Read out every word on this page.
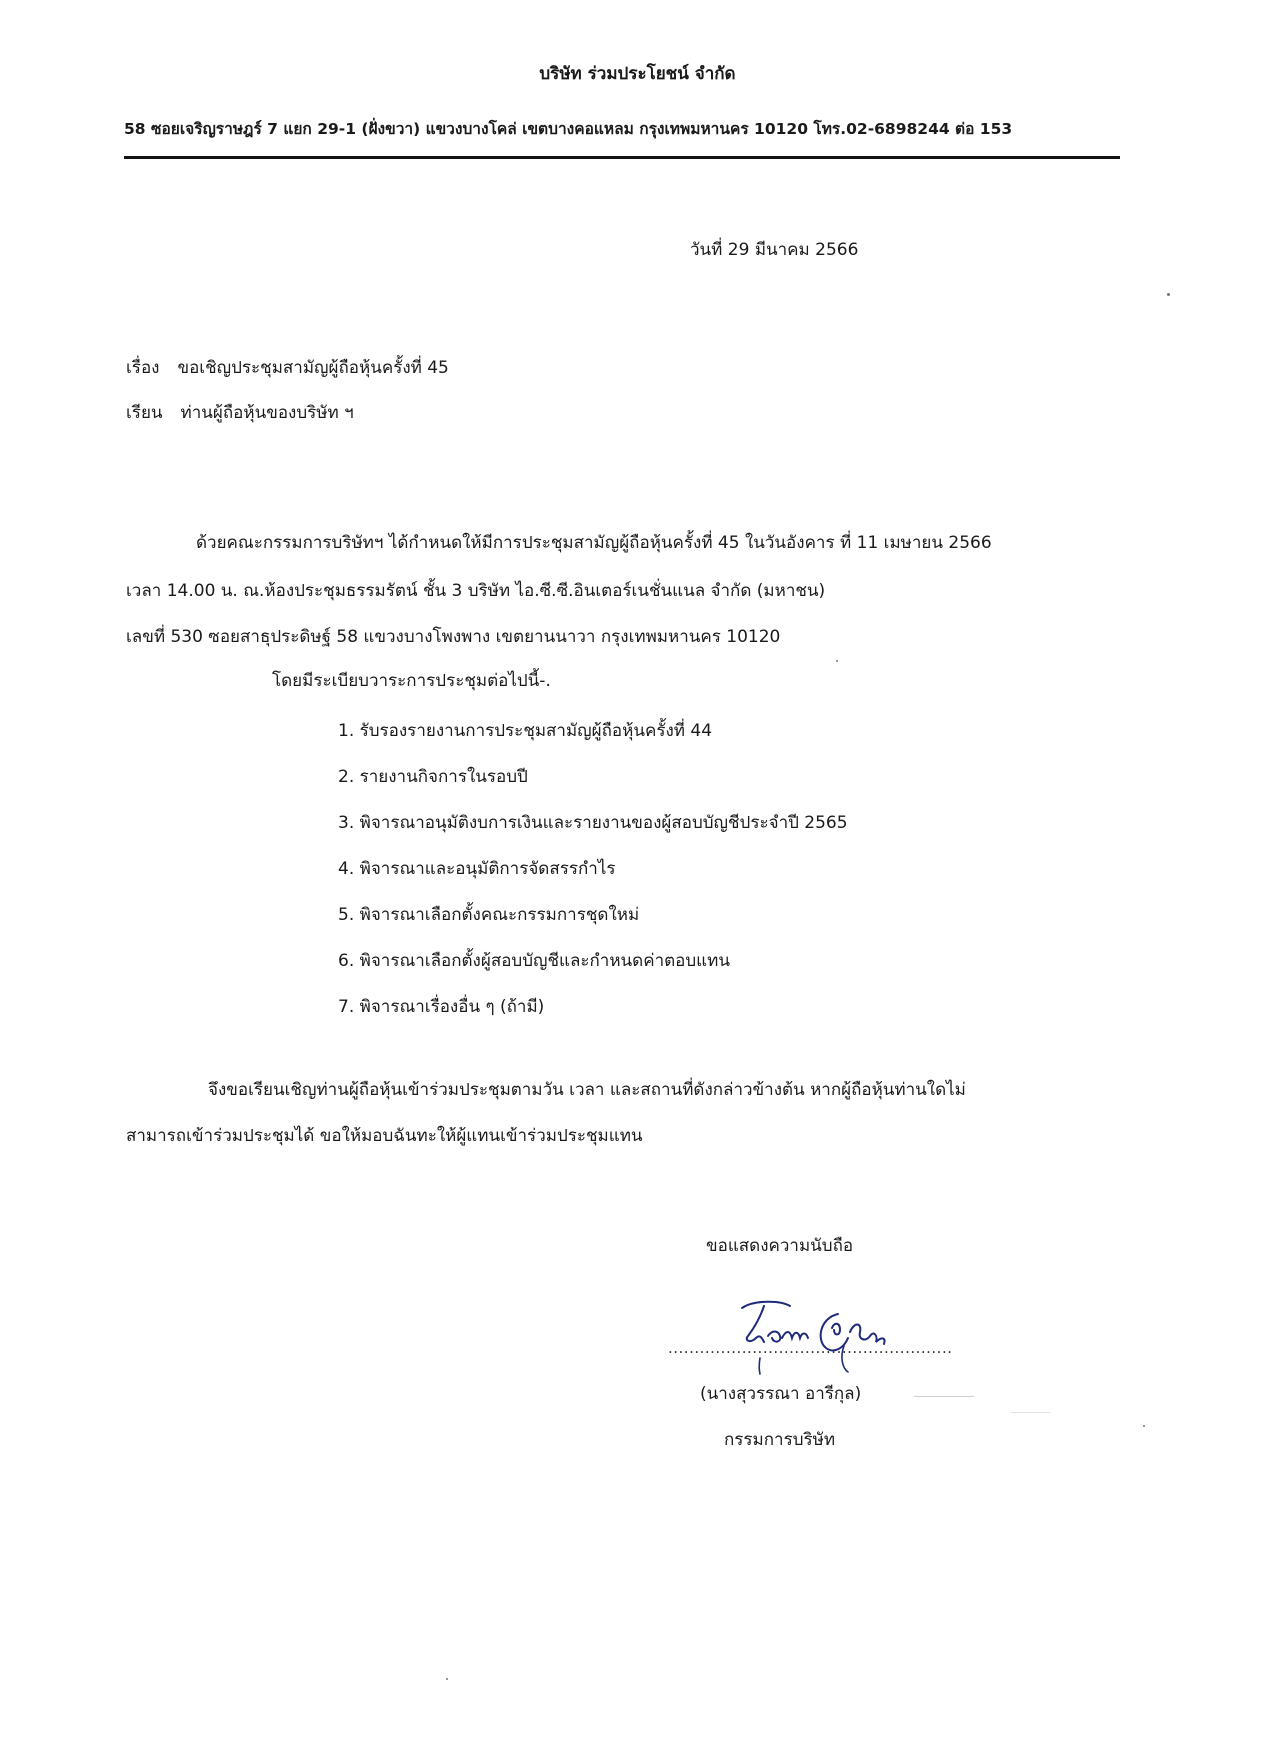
บริษัท ร่วมประโยชน์ จำกัด
58 ซอยเจริญราษฎร์ 7 แยก 29-1 (ฝั่งขวา) แขวงบางโคล่ เขตบางคอแหลม กรุงเทพมหานคร 10120 โทร.02-6898244 ต่อ 153
วันที่ 29 มีนาคม 2566
เรื่อง ขอเชิญประชุมสามัญผู้ถือหุ้นครั้งที่ 45
เรียน ท่านผู้ถือหุ้นของบริษัท ฯ
ด้วยคณะกรรมการบริษัทฯ ได้กำหนดให้มีการประชุมสามัญผู้ถือหุ้นครั้งที่ 45 ในวันอังคาร ที่ 11 เมษายน 2566
เวลา 14.00 น. ณ.ห้องประชุมธรรมรัตน์ ชั้น 3 บริษัท ไอ.ซี.ซี.อินเตอร์เนชั่นแนล จำกัด (มหาชน)
เลขที่ 530 ซอยสาธุประดิษฐ์ 58 แขวงบางโพงพาง เขตยานนาวา กรุงเทพมหานคร 10120
โดยมีระเบียบวาระการประชุมต่อไปนี้-.
1. รับรองรายงานการประชุมสามัญผู้ถือหุ้นครั้งที่ 44
2. รายงานกิจการในรอบปี
3. พิจารณาอนุมัติงบการเงินและรายงานของผู้สอบบัญชีประจำปี 2565
4. พิจารณาและอนุมัติการจัดสรรกำไร
5. พิจารณาเลือกตั้งคณะกรรมการชุดใหม่
6. พิจารณาเลือกตั้งผู้สอบบัญชีและกำหนดค่าตอบแทน
7. พิจารณาเรื่องอื่น ๆ (ถ้ามี)
จึงขอเรียนเชิญท่านผู้ถือหุ้นเข้าร่วมประชุมตามวัน เวลา และสถานที่ดังกล่าวข้างต้น หากผู้ถือหุ้นท่านใดไม่
สามารถเข้าร่วมประชุมได้ ขอให้มอบฉันทะให้ผู้แทนเข้าร่วมประชุมแทน
ขอแสดงความนับถือ
......................................................
(นางสุวรรณา อารีกุล)
กรรมการบริษัท
